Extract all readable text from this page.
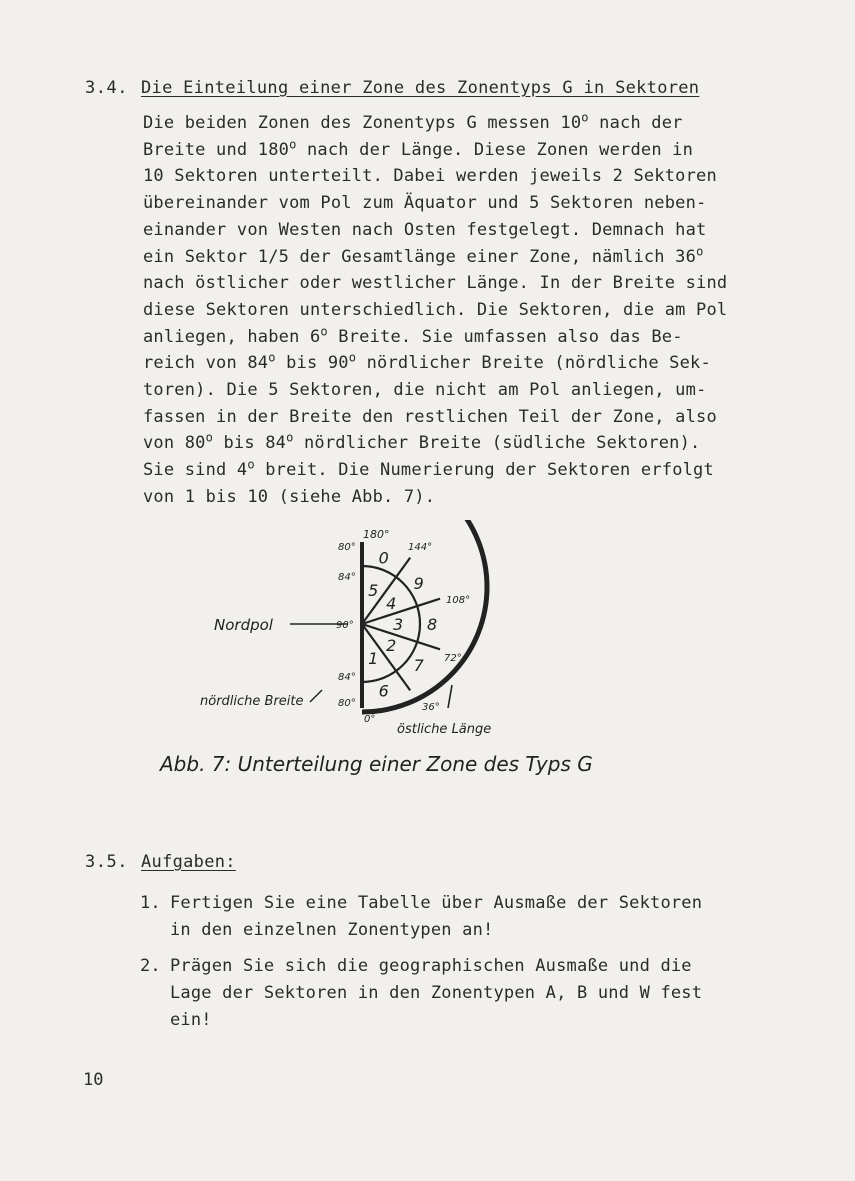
3.4. Die Einteilung einer Zone des Zonentyps G in Sektoren
Die beiden Zonen des Zonentyps G messen 10$^o$ nach der
Breite und 180$^o$ nach der Länge. Diese Zonen werden in
10 Sektoren unterteilt. Dabei werden jeweils 2 Sektoren
übereinander vom Pol zum Äquator und 5 Sektoren neben-
einander von Westen nach Osten festgelegt. Demnach hat
ein Sektor 1/5 der Gesamtlänge einer Zone, nämlich 36$^o$
nach östlicher oder westlicher Länge. In der Breite sind
diese Sektoren unterschiedlich. Die Sektoren, die am Pol
anliegen, haben 6$^o$ Breite. Sie umfassen also das Be-
reich von 84$^o$ bis 90$^o$ nördlicher Breite (nördliche Sek-
toren). Die 5 Sektoren, die nicht am Pol anliegen, um-
fassen in der Breite den restlichen Teil der Zone, also
von 80$^o$ bis 84$^o$ nördlicher Breite (südliche Sektoren).
Sie sind 4$^o$ breit. Die Numerierung der Sektoren erfolgt
von 1 bis 10 (siehe Abb. 7).
Nordpol
nördliche Breite
östliche Länge
80°
84°
90°
84°
80°
180°
144°
108°
72°
36°
0°
6
7
8
9
0
1
2
3
4
5
Abb. 7: Unterteilung einer Zone des Typs G
3.5. Aufgaben:
1. Fertigen Sie eine Tabelle über Ausmaße der Sektoren
in den einzelnen Zonentypen an!
2. Prägen Sie sich die geographischen Ausmaße und die
Lage der Sektoren in den Zonentypen A, B und W fest
ein!
10
